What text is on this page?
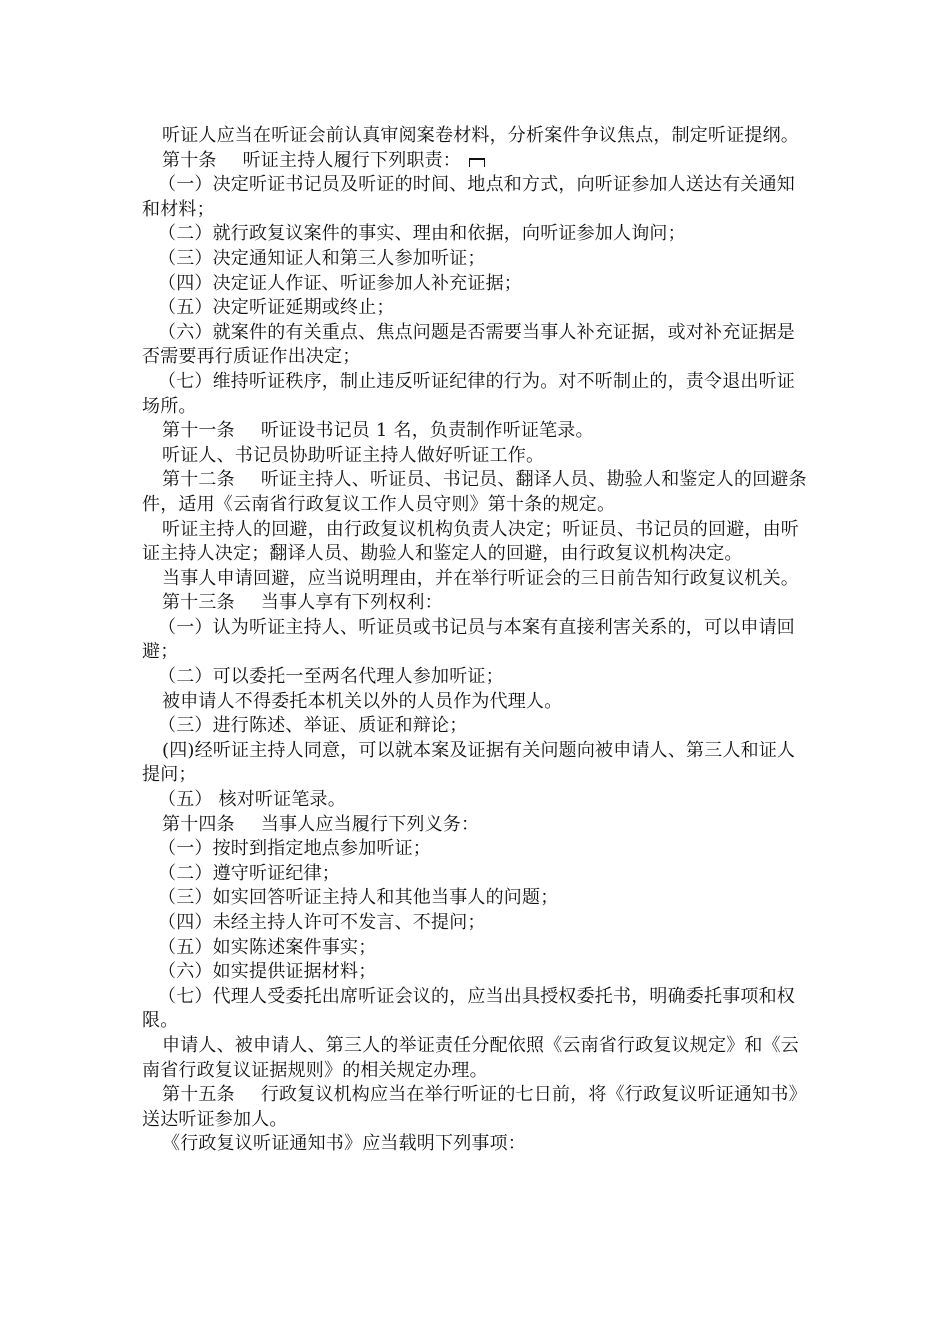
听证人应当在听证会前认真审阅案卷材料，分析案件争议焦点，制定听证提纲。

第十条 听证主持人履行下列职责：

（一）决定听证书记员及听证的时间、地点和方式，向听证参加人送达有关通知和材料；

（二）就行政复议案件的事实、理由和依据，向听证参加人询问；

（三）决定通知证人和第三人参加听证；

（四）决定证人作证、听证参加人补充证据；

（五）决定听证延期或终止；

（六）就案件的有关重点、焦点问题是否需要当事人补充证据，或对补充证据是否需要再行质证作出决定；

（七）维持听证秩序，制止违反听证纪律的行为。对不听制止的，责令退出听证场所。

第十一条 听证设书记员 1 名，负责制作听证笔录。

听证人、书记员协助听证主持人做好听证工作。

第十二条 听证主持人、听证员、书记员、翻译人员、勘验人和鉴定人的回避条件，适用《云南省行政复议工作人员守则》第十条的规定。

听证主持人的回避，由行政复议机构负责人决定；听证员、书记员的回避，由听证主持人决定；翻译人员、勘验人和鉴定人的回避，由行政复议机构决定。

当事人申请回避，应当说明理由，并在举行听证会的三日前告知行政复议机关。

第十三条 当事人享有下列权利：

（一）认为听证主持人、听证员或书记员与本案有直接利害关系的，可以申请回避；

（二）可以委托一至两名代理人参加听证；

被申请人不得委托本机关以外的人员作为代理人。

（三）进行陈述、举证、质证和辩论；

(四)经听证主持人同意，可以就本案及证据有关问题向被申请人、第三人和证人提问；

（五） 核对听证笔录。

第十四条 当事人应当履行下列义务：

（一）按时到指定地点参加听证；

（二）遵守听证纪律；

（三）如实回答听证主持人和其他当事人的问题；

（四）未经主持人许可不发言、不提问；

（五）如实陈述案件事实；

（六）如实提供证据材料；

（七）代理人受委托出席听证会议的，应当出具授权委托书，明确委托事项和权限。

申请人、被申请人、第三人的举证责任分配依照《云南省行政复议规定》和《云南省行政复议证据规则》的相关规定办理。

第十五条 行政复议机构应当在举行听证的七日前，将《行政复议听证通知书》送达听证参加人。

《行政复议听证通知书》应当载明下列事项：
